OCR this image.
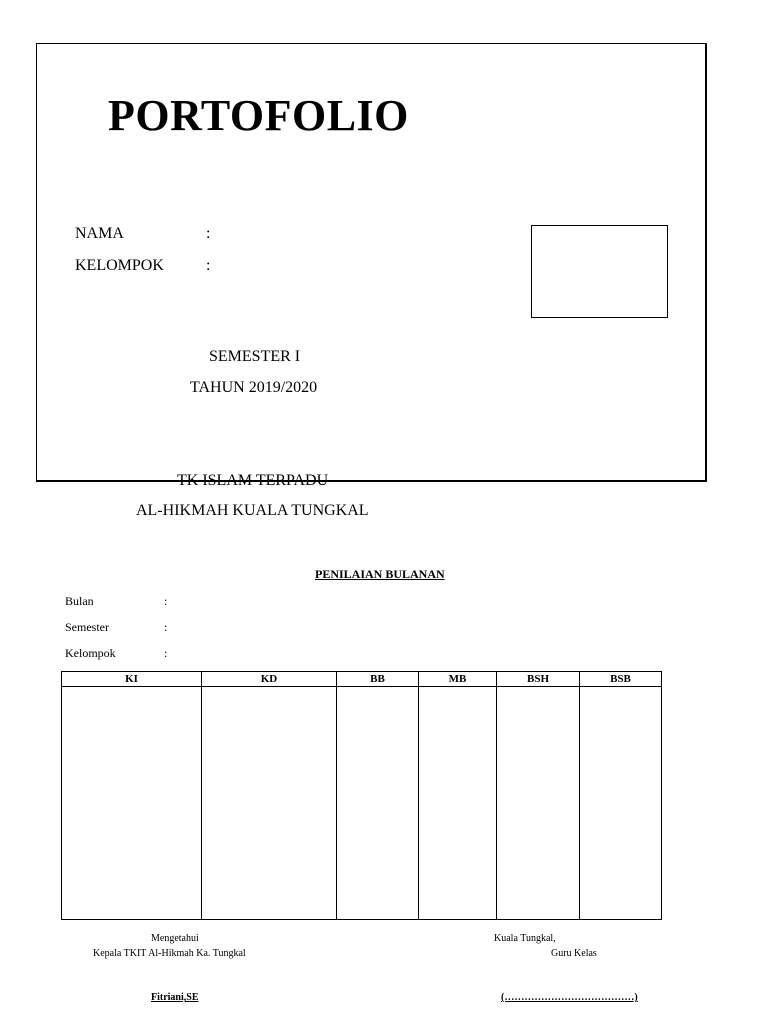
PORTOFOLIO
NAMA	:
KELOMPOK	:
SEMESTER I
TAHUN 2019/2020
TK ISLAM TERPADU
AL-HIKMAH KUALA TUNGKAL
PENILAIAN BULANAN
Bulan	:
Semester	:
Kelompok	:
KI	KD	BB	MB	BSH	BSB

Mengetahui
Kepala TKIT Al-Hikmah Ka. Tungkal
Fitriani,SE
Kuala Tungkal,
Guru Kelas
(…………………………………)
